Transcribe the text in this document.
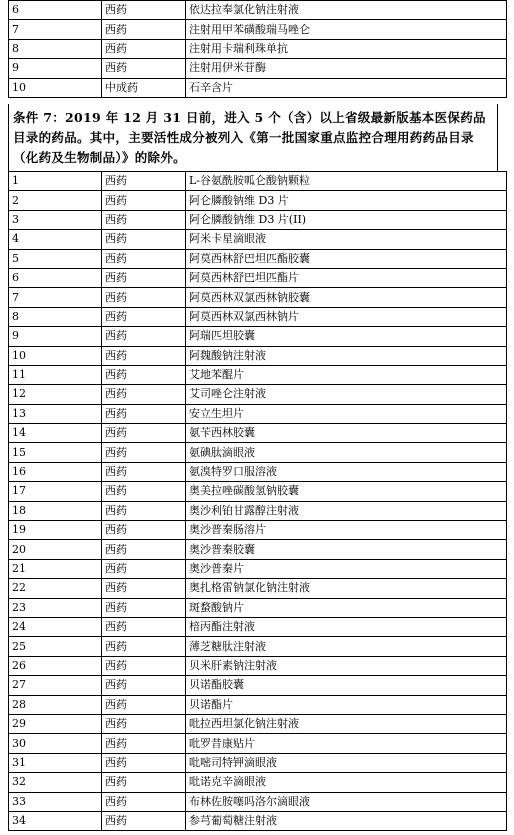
6	西药	依达拉奉氯化钠注射液
7	西药	注射用甲苯磺酸瑞马唑仑
8	西药	注射用卡瑞利珠单抗
9	西药	注射用伊米苷酶
10	中成药	石辛含片
条件 7：2019 年 12 月 31 日前，进入 5 个（含）以上省级最新版基本医保药品目录的药品。其中，主要活性成分被列入《第一批国家重点监控合理用药药品目录（化药及生物制品）》的除外。
1	西药	L-谷氨酰胺呱仑酸钠颗粒
2	西药	阿仑膦酸钠维 D3 片
3	西药	阿仑膦酸钠维 D3 片(II)
4	西药	阿米卡星滴眼液
5	西药	阿莫西林舒巴坦匹酯胶囊
6	西药	阿莫西林舒巴坦匹酯片
7	西药	阿莫西林双氯西林钠胶囊
8	西药	阿莫西林双氯西林钠片
9	西药	阿瑞匹坦胶囊
10	西药	阿魏酸钠注射液
11	西药	艾地苯醌片
12	西药	艾司唑仑注射液
13	西药	安立生坦片
14	西药	氨苄西林胶囊
15	西药	氨碘肽滴眼液
16	西药	氨溴特罗口服溶液
17	西药	奥美拉唑碳酸氢钠胶囊
18	西药	奥沙利铂甘露醇注射液
19	西药	奥沙普秦肠溶片
20	西药	奥沙普秦胶囊
21	西药	奥沙普秦片
22	西药	奥扎格雷钠氯化钠注射液
23	西药	斑蝥酸钠片
24	西药	棓丙酯注射液
25	西药	薄芝糖肽注射液
26	西药	贝米肝素钠注射液
27	西药	贝诺酯胶囊
28	西药	贝诺酯片
29	西药	吡拉西坦氯化钠注射液
30	西药	吡罗昔康贴片
31	西药	吡嘧司特钾滴眼液
32	西药	吡诺克辛滴眼液
33	西药	布林佐胺噻吗洛尔滴眼液
34	西药	参芎葡萄糖注射液
